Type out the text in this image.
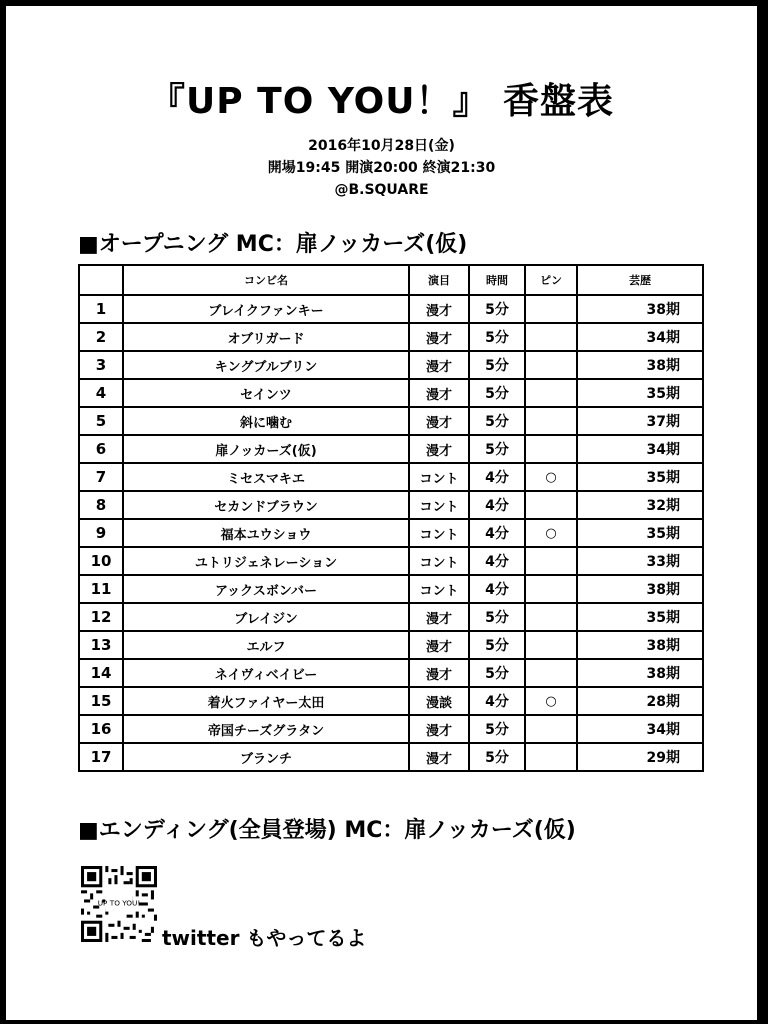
『UP TO YOU！』 香盤表
2016年10月28日(金)
開場19:45 開演20:00 終演21:30
@B.SQUARE
■オープニング MC：扉ノッカーズ(仮)
	コンビ名	演目	時間	ピン	芸歴
1	ブレイクファンキー	漫才	5分		38期
2	オブリガード	漫才	5分		34期
3	キングブルブリン	漫才	5分		38期
4	セインツ	漫才	5分		35期
5	斜に噛む	漫才	5分		37期
6	扉ノッカーズ(仮)	漫才	5分		34期
7	ミセスマキエ	コント	4分	○	35期
8	セカンドブラウン	コント	4分		32期
9	福本ユウショウ	コント	4分	○	35期
10	ユトリジェネレーション	コント	4分		33期
11	アックスボンバー	コント	4分		38期
12	ブレイジン	漫才	5分		35期
13	エルフ	漫才	5分		38期
14	ネイヴィベイビー	漫才	5分		38期
15	着火ファイヤー太田	漫談	4分	○	28期
16	帝国チーズグラタン	漫才	5分		34期
17	ブランチ	漫才	5分		29期
■エンディング(全員登場) MC：扉ノッカーズ(仮)
UP TO YOU!
twitter もやってるよ
